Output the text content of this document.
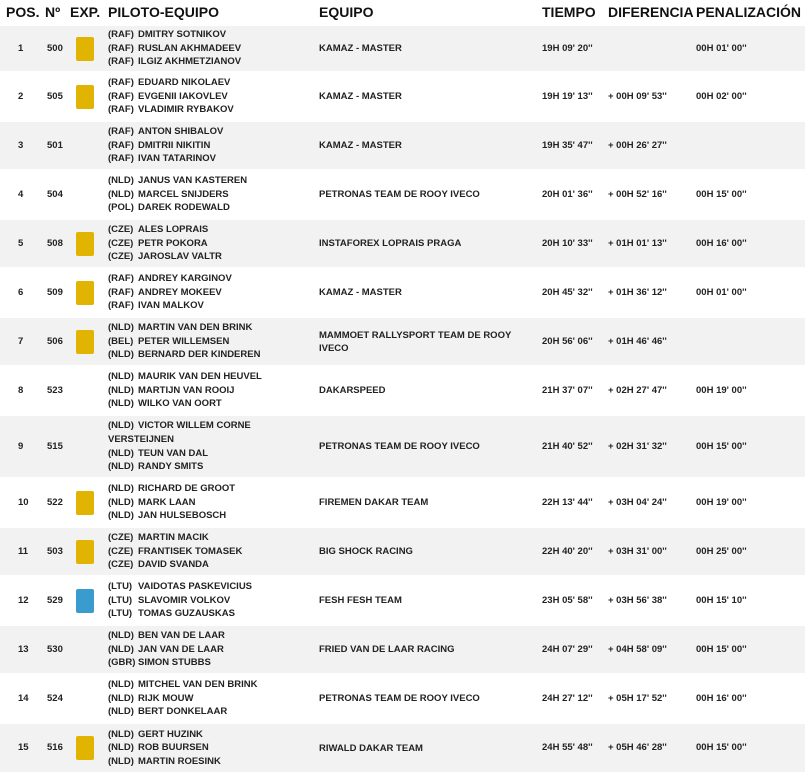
POS.	Nº	EXP.	PILOTO-EQUIPO	EQUIPO	TIEMPO	DIFERENCIA	PENALIZACIÓN
1	500		(RAF) DMITRY SOTNIKOV
(RAF) RUSLAN AKHMADEEV
(RAF) ILGIZ AKHMETZIANOV	KAMAZ - MASTER	19H 09' 20''		00H 01' 00''
2	505		(RAF) EDUARD NIKOLAEV
(RAF) EVGENII IAKOVLEV
(RAF) VLADIMIR RYBAKOV	KAMAZ - MASTER	19H 19' 13''	+ 00H 09' 53''	00H 02' 00''
3	501		(RAF) ANTON SHIBALOV
(RAF) DMITRII NIKITIN
(RAF) IVAN TATARINOV	KAMAZ - MASTER	19H 35' 47''	+ 00H 26' 27''	
4	504		(NLD) JANUS VAN KASTEREN
(NLD) MARCEL SNIJDERS
(POL) DAREK RODEWALD	PETRONAS TEAM DE ROOY IVECO	20H 01' 36''	+ 00H 52' 16''	00H 15' 00''
5	508		(CZE) ALES LOPRAIS
(CZE) PETR POKORA
(CZE) JAROSLAV VALTR	INSTAFOREX LOPRAIS PRAGA	20H 10' 33''	+ 01H 01' 13''	00H 16' 00''
6	509		(RAF) ANDREY KARGINOV
(RAF) ANDREY MOKEEV
(RAF) IVAN MALKOV	KAMAZ - MASTER	20H 45' 32''	+ 01H 36' 12''	00H 01' 00''
7	506		(NLD) MARTIN VAN DEN BRINK
(BEL) PETER WILLEMSEN
(NLD) BERNARD DER KINDEREN	MAMMOET RALLYSPORT TEAM DE ROOY IVECO	20H 56' 06''	+ 01H 46' 46''	
8	523		(NLD) MAURIK VAN DEN HEUVEL
(NLD) MARTIJN VAN ROOIJ
(NLD) WILKO VAN OORT	DAKARSPEED	21H 37' 07''	+ 02H 27' 47''	00H 19' 00''
9	515		(NLD) VICTOR WILLEM CORNE VERSTEIJNEN
(NLD) TEUN VAN DAL
(NLD) RANDY SMITS	PETRONAS TEAM DE ROOY IVECO	21H 40' 52''	+ 02H 31' 32''	00H 15' 00''
10	522		(NLD) RICHARD DE GROOT
(NLD) MARK LAAN
(NLD) JAN HULSEBOSCH	FIREMEN DAKAR TEAM	22H 13' 44''	+ 03H 04' 24''	00H 19' 00''
11	503		(CZE) MARTIN MACIK
(CZE) FRANTISEK TOMASEK
(CZE) DAVID SVANDA	BIG SHOCK RACING	22H 40' 20''	+ 03H 31' 00''	00H 25' 00''
12	529		(LTU) VAIDOTAS PASKEVICIUS
(LTU) SLAVOMIR VOLKOV
(LTU) TOMAS GUZAUSKAS	FESH FESH TEAM	23H 05' 58''	+ 03H 56' 38''	00H 15' 10''
13	530		(NLD) BEN VAN DE LAAR
(NLD) JAN VAN DE LAAR
(GBR) SIMON STUBBS	FRIED VAN DE LAAR RACING	24H 07' 29''	+ 04H 58' 09''	00H 15' 00''
14	524		(NLD) MITCHEL VAN DEN BRINK
(NLD) RIJK MOUW
(NLD) BERT DONKELAAR	PETRONAS TEAM DE ROOY IVECO	24H 27' 12''	+ 05H 17' 52''	00H 16' 00''
15	516		(NLD) GERT HUZINK
(NLD) ROB BUURSEN
(NLD) MARTIN ROESINK	RIWALD DAKAR TEAM	24H 55' 48''	+ 05H 46' 28''	00H 15' 00''
